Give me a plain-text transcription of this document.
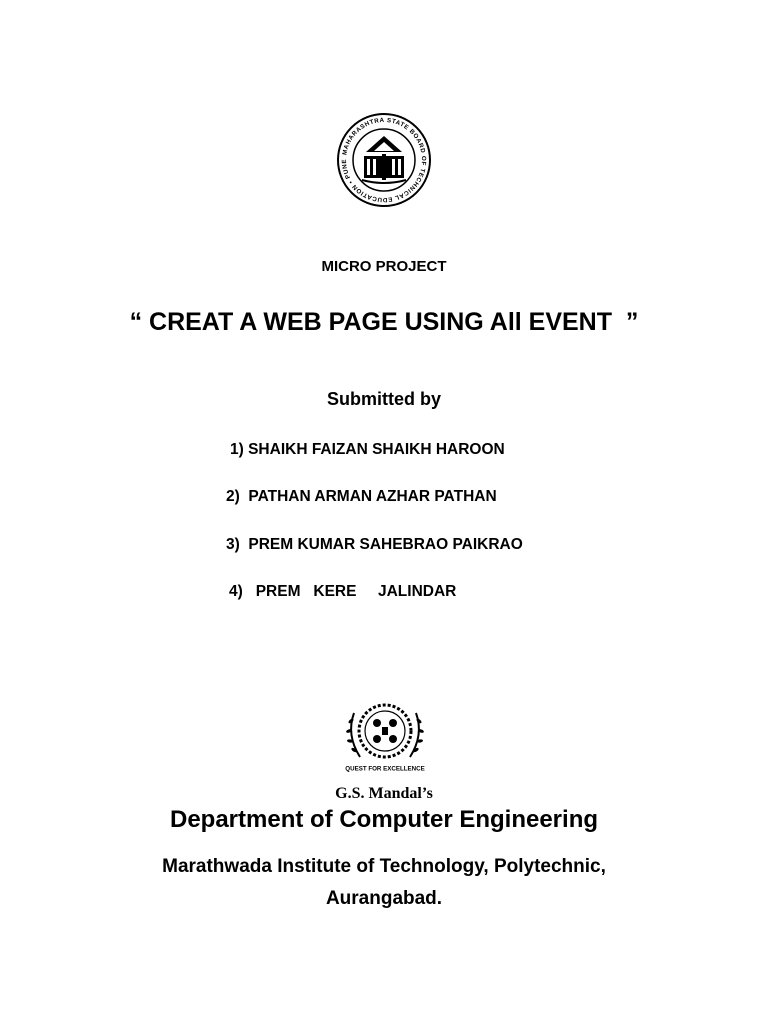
MAHARASHTRA STATE BOARD OF TECHNICAL EDUCATION • PUNE
MICRO PROJECT
“ CREAT A WEB PAGE USING All EVENT  ”
Submitted by
1) SHAIKH FAIZAN SHAIKH HAROON
2)  PATHAN ARMAN AZHAR PATHAN
3)  PREM KUMAR SAHEBRAO PAIKRAO
4)   PREM   KERE     JALINDAR
QUEST FOR EXCELLENCE
G.S. Mandal’s
Department of Computer Engineering
Marathwada Institute of Technology, Polytechnic,
Aurangabad.
